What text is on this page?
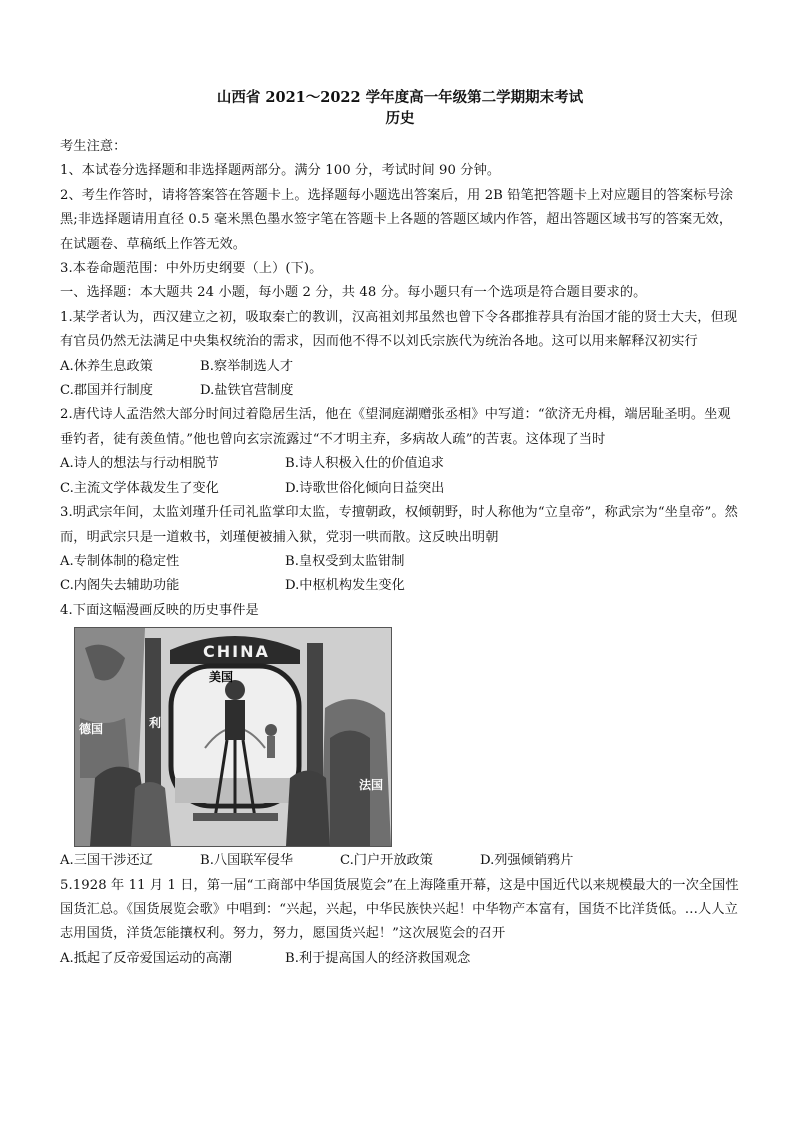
山西省 2021～2022 学年度高一年级第二学期期末考试

历史

考生注意：

1、本试卷分选择题和非选择题两部分。满分 100 分，考试时间 90 分钟。

2、考生作答时，请将答案答在答题卡上。选择题每小题选出答案后，用 2B 铅笔把答题卡上对应题目的答案标号涂黑;非选择题请用直径 0.5 毫米黑色墨水签字笔在答题卡上各题的答题区域内作答，超出答题区域书写的答案无效，在试题卷、草稿纸上作答无效。

3.本卷命题范围：中外历史纲要（上）(下)。

一、选择题：本大题共 24 小题，每小题 2 分，共 48 分。每小题只有一个选项是符合题目要求的。

1.某学者认为，西汉建立之初，吸取秦亡的教训，汉高祖刘邦虽然也曾下令各郡推荐具有治国才能的贤士大夫，但现有官员仍然无法满足中央集权统治的需求，因而他不得不以刘氏宗族代为统治各地。这可以用来解释汉初实行

A.休养生息政策	B.察举制选人才
C.郡国并行制度	D.盐铁官营制度

2.唐代诗人孟浩然大部分时间过着隐居生活，他在《望洞庭湖赠张丞相》中写道：“欲济无舟楫，端居耻圣明。坐观垂钓者，徒有羡鱼情。”他也曾向玄宗流露过“不才明主弃，多病故人疏”的苦衷。这体现了当时

A.诗人的想法与行动相脱节	B.诗人积极入仕的价值追求
C.主流文学体裁发生了变化	D.诗歌世俗化倾向日益突出

3.明武宗年间，太监刘瑾升任司礼监掌印太监，专擅朝政，权倾朝野，时人称他为“立皇帝”，称武宗为“坐皇帝”。然而，明武宗只是一道敕书，刘瑾便被捕入狱，党羽一哄而散。这反映出明朝

A.专制体制的稳定性	B.皇权受到太监钳制
C.内阁失去辅助功能	D.中枢机构发生变化

4.下面这幅漫画反映的历史事件是

CHINA
美国
德国
法国
利
A.三国干涉还辽	B.八国联军侵华	C.门户开放政策	D.列强倾销鸦片

5.1928 年 11 月 1 日，第一届“工商部中华国货展览会”在上海隆重开幕，这是中国近代以来规模最大的一次全国性国货汇总。《国货展览会歌》中唱到：“兴起，兴起，中华民族快兴起！中华物产本富有，国货不比洋货低。…人人立志用国货，洋货怎能攘权利。努力，努力，愿国货兴起！”这次展览会的召开

A.抵起了反帝爱国运动的高潮	B.利于提高国人的经济救国观念
